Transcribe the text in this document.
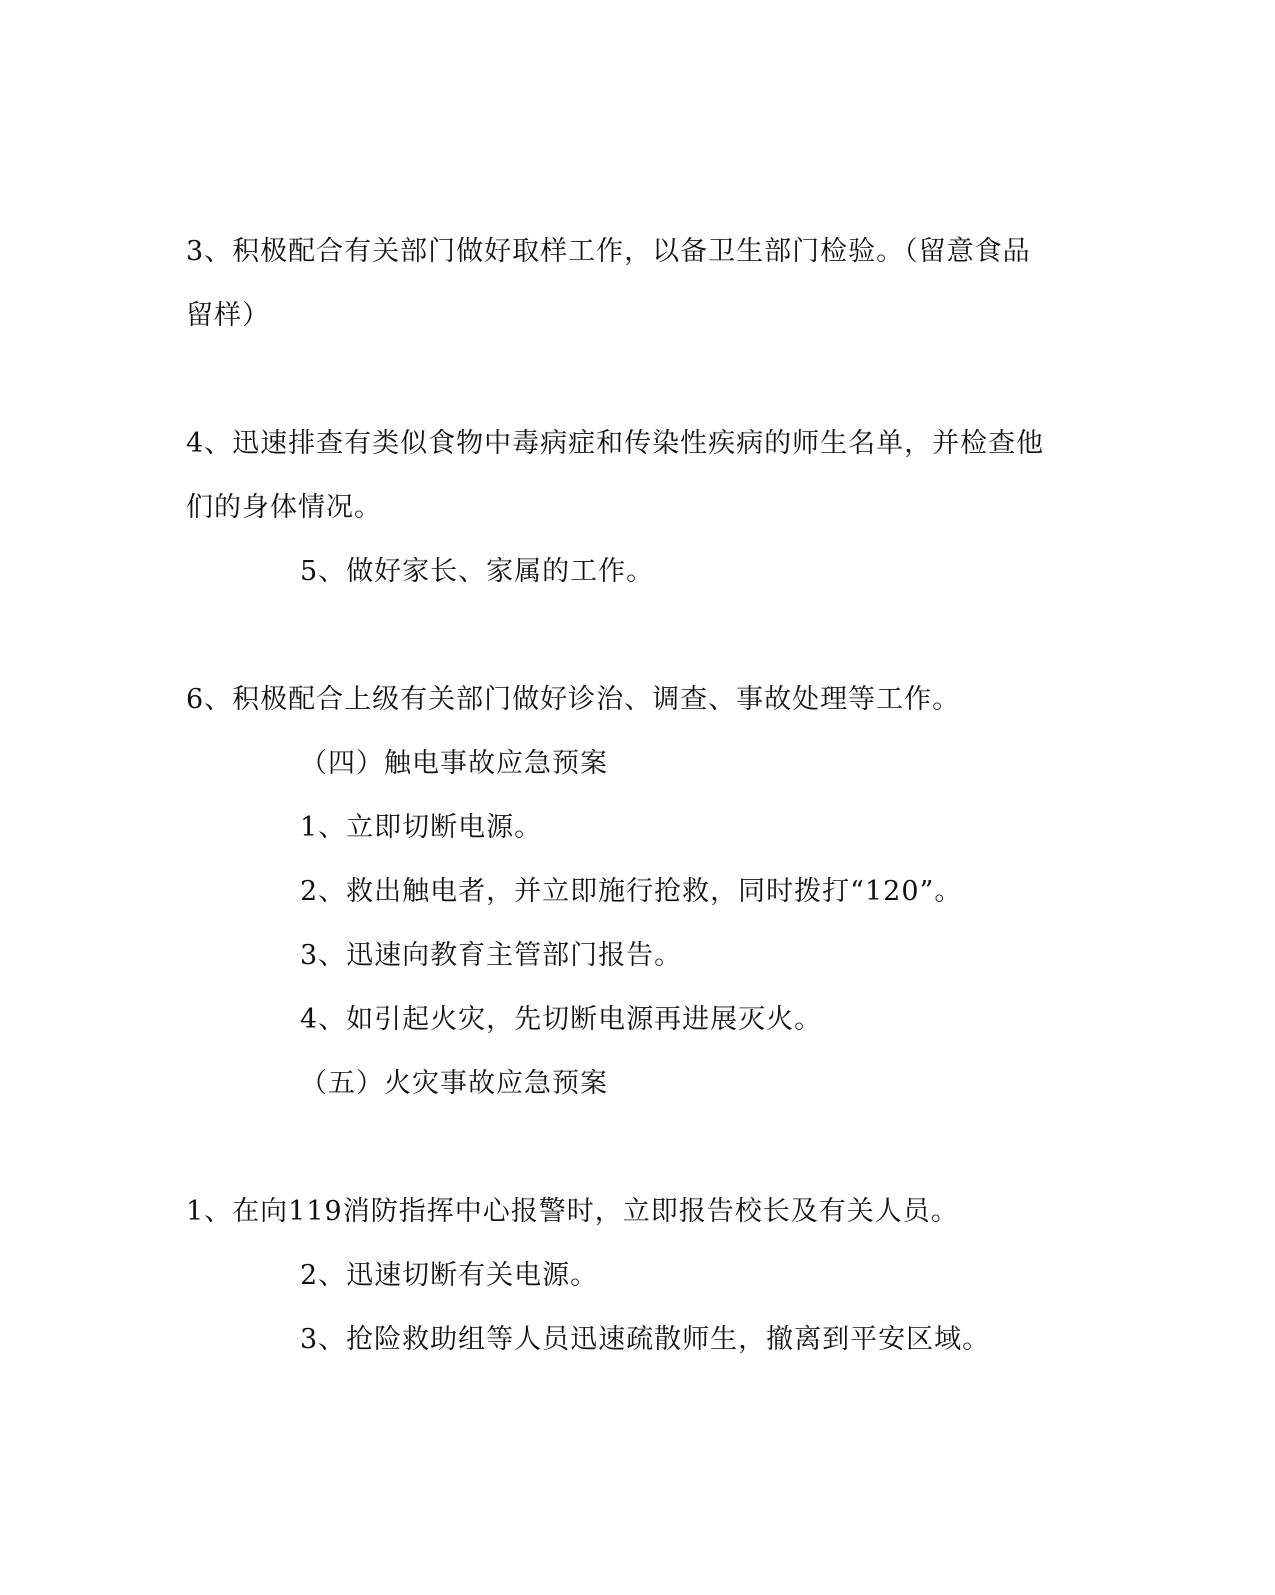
3、积极配合有关部门做好取样工作，以备卫生部门检验。（留意食品

留样）

4、迅速排查有类似食物中毒病症和传染性疾病的师生名单，并检查他

们的身体情况。

5、做好家长、家属的工作。

6、积极配合上级有关部门做好诊治、调查、事故处理等工作。

（四）触电事故应急预案

1、立即切断电源。

2、救出触电者，并立即施行抢救，同时拨打“120”。

3、迅速向教育主管部门报告。

4、如引起火灾，先切断电源再进展灭火。

（五）火灾事故应急预案

1、在向119消防指挥中心报警时，立即报告校长及有关人员。

2、迅速切断有关电源。

3、抢险救助组等人员迅速疏散师生，撤离到平安区域。
